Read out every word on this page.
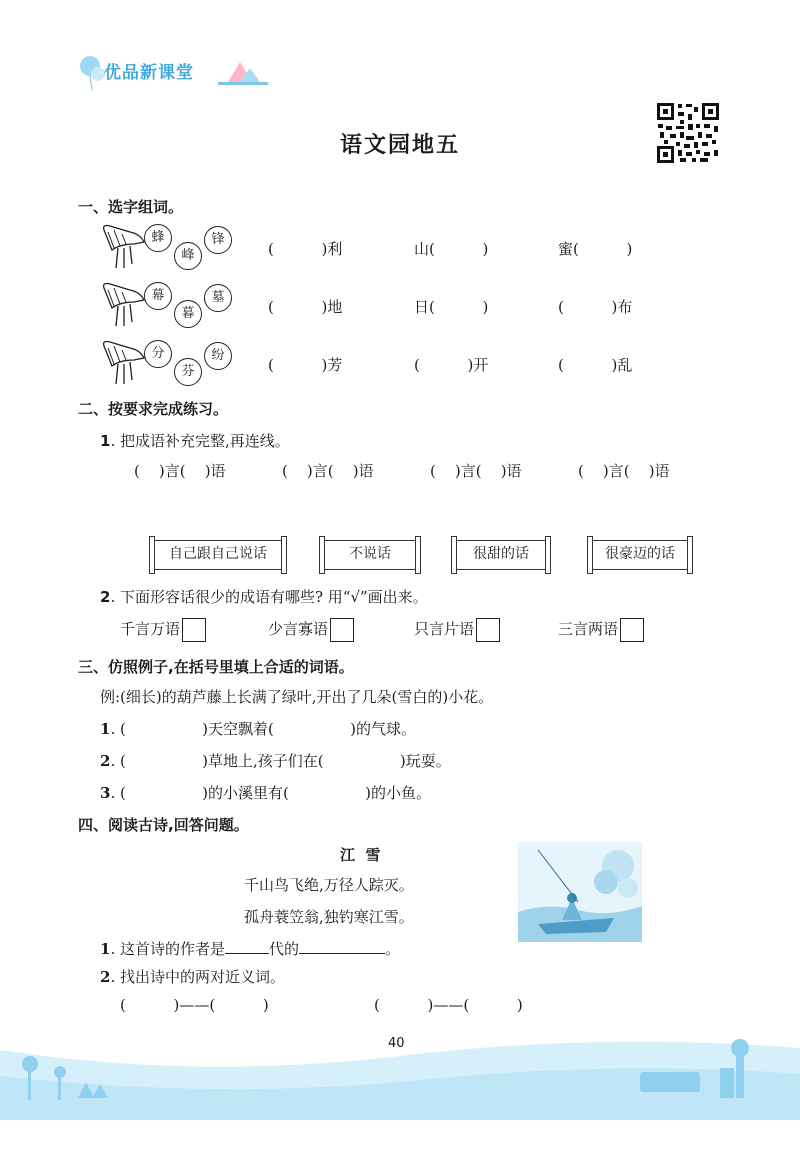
优品新课堂
语文园地五
一、选字组词。
蜂
峰
锋
(          )利	山(          )	蜜(          )
幕
暮
墓
(          )地	日(          )	(          )布
分
芬
纷
(          )芳	(          )开	(          )乱
二、按要求完成练习。
1. 把成语补充完整,再连线。
(    )言(    )语	(    )言(    )语	(    )言(    )语	(    )言(    )语
自己跟自己说话	不说话	很甜的话	很豪迈的话
2. 下面形容话很少的成语有哪些? 用“√”画出来。
千言万语	少言寡语	只言片语	三言两语
三、仿照例子,在括号里填上合适的词语。
例:(细长)的葫芦藤上长满了绿叶,开出了几朵(雪白的)小花。
1. (                )天空飘着(                )的气球。
2. (                )草地上,孩子们在(                )玩耍。
3. (                )的小溪里有(                )的小鱼。
四、阅读古诗,回答问题。
江  雪
千山鸟飞绝,万径人踪灭。
孤舟蓑笠翁,独钓寒江雪。
1. 这首诗的作者是	代的	。
2. 找出诗中的两对近义词。
(          )——(          )	(          )——(          )
40
